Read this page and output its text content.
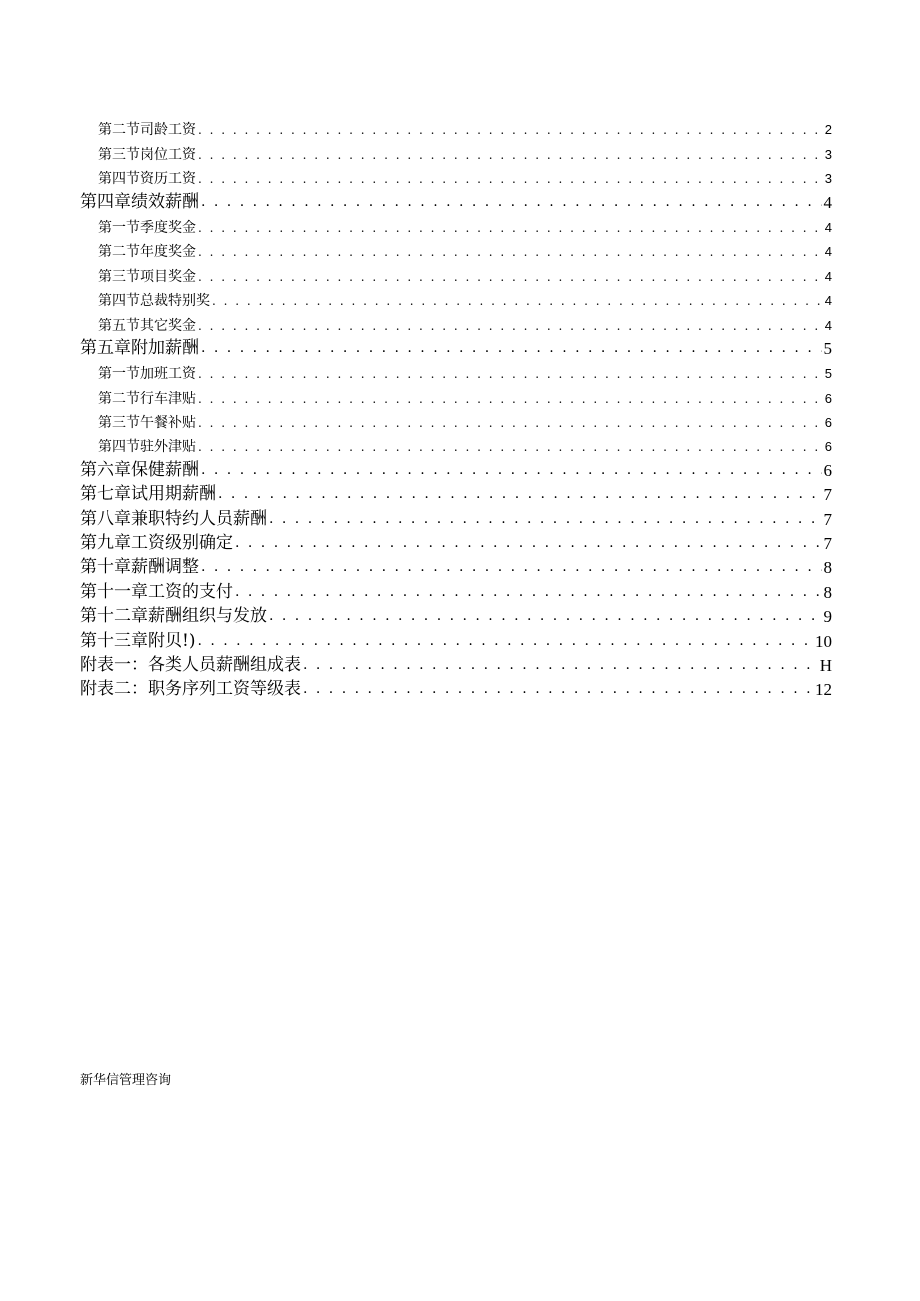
第二节司龄工资 . . .	2
第三节岗位工资 . . .	3
第四节资历工资 . . .	3
第四章绩效薪酬 . . .	4
第一节季度奖金 . . .	4
第二节年度奖金 . . .	4
第三节项目奖金 . . .	4
第四节总裁特别奖 . . .	4
第五节其它奖金 . . .	4
第五章附加薪酬 . . .	5
第一节加班工资 . . .	5
第二节行车津贴 . . .	6
第三节午餐补贴 . . .	6
第四节驻外津贴 . . .	6
第六章保健薪酬 . . .	6
第七章试用期薪酬 . . .	7
第八章兼职特约人员薪酬 . . .	7
第九章工资级别确定 . . .	7
第十章薪酬调整 . . .	8
第十一章工资的支付 . . .	8
第十二章薪酬组织与发放 . . .	9
第十三章附贝!) . . .	10
附表一：各类人员薪酬组成表 . . .	H
附表二：职务序列工资等级表 . . .	12
新华信管理咨询
